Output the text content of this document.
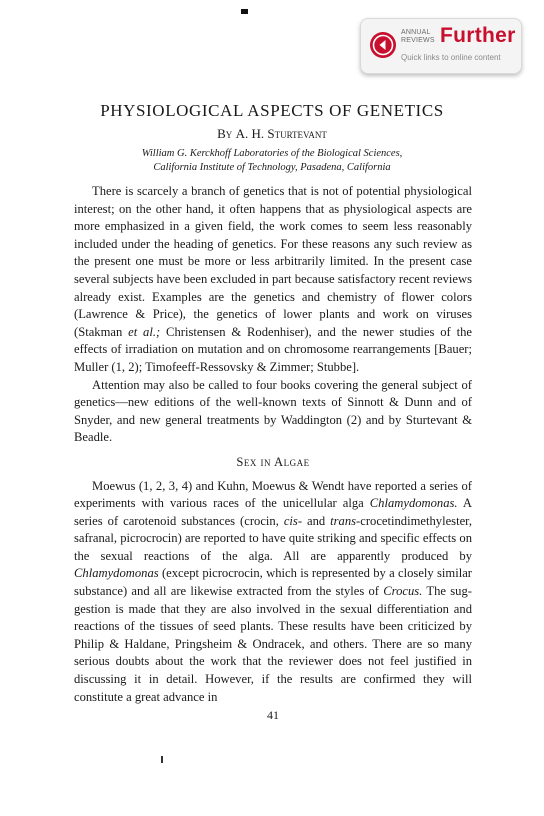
ANNUAL
REVIEWS Further
Quick links to online content
PHYSIOLOGICAL ASPECTS OF GENETICS
By A. H. Sturtevant
William G. Kerckhoff Laboratories of the Biological Sciences,
California Institute of Technology, Pasadena, California

There is scarcely a branch of genetics that is not of potential physiological interest; on the other hand, it often happens that as physiological aspects are more emphasized in a given field, the work comes to seem less reasonably included under the heading of genetics. For these reasons any such review as the present one must be more or less arbitrarily limited. In the present case several subjects have been excluded in part because satisfactory recent reviews already exist. Examples are the genetics and chemistry of flower colors (Lawrence & Price), the genetics of lower plants and work on viruses (Stakman et al.; Christensen & Rodenhiser), and the newer studies of the effects of irradiation on mutation and on chromosome rearrangements [Bauer; Muller (1, 2); Timofeeff-Ressovsky & Zimmer; Stubbe].

Attention may also be called to four books covering the general subject of genetics—new editions of the well-known texts of Sinnott & Dunn and of Snyder, and new general treatments by Waddington (2) and by Sturtevant & Beadle.

Sex in Algae

Moewus (1, 2, 3, 4) and Kuhn, Moewus & Wendt have reported a series of experiments with various races of the unicellular alga Chlamydomonas. A series of carotenoid substances (crocin, cis- and trans-crocetindimethylester, safranal, picrocrocin) are reported to have quite striking and specific effects on the sexual reactions of the alga. All are apparently produced by Chlamydomonas (except picrocrocin, which is represented by a closely similar substance) and all are likewise extracted from the styles of Crocus. The suggestion is made that they are also involved in the sexual differentiation and reactions of the tissues of seed plants. These results have been criticized by Philip & Haldane, Pringsheim & Ondracek, and others. There are so many serious doubts about the work that the reviewer does not feel justified in discussing it in detail. However, if the results are confirmed they will constitute a great advance in

41
